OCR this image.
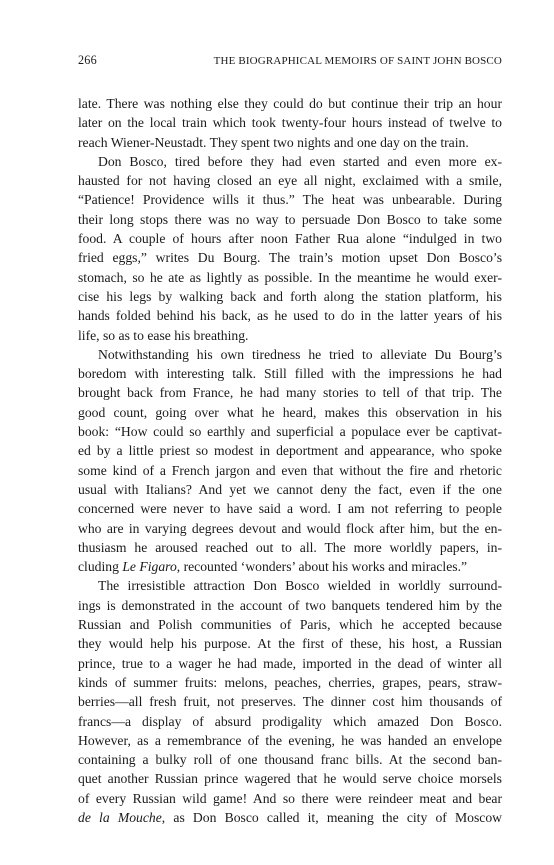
266	THE BIOGRAPHICAL MEMOIRS OF SAINT JOHN BOSCO

late. There was nothing else they could do but continue their trip an hour
later on the local train which took twenty-four hours instead of twelve to
reach Wiener-Neustadt. They spent two nights and one day on the train.

Don Bosco, tired before they had even started and even more ex-
hausted for not having closed an eye all night, exclaimed with a smile,
“Patience! Providence wills it thus.” The heat was unbearable. During
their long stops there was no way to persuade Don Bosco to take some
food. A couple of hours after noon Father Rua alone “indulged in two
fried eggs,” writes Du Bourg. The train’s motion upset Don Bosco’s
stomach, so he ate as lightly as possible. In the meantime he would exer-
cise his legs by walking back and forth along the station platform, his
hands folded behind his back, as he used to do in the latter years of his
life, so as to ease his breathing.

Notwithstanding his own tiredness he tried to alleviate Du Bourg’s
boredom with interesting talk. Still filled with the impressions he had
brought back from France, he had many stories to tell of that trip. The
good count, going over what he heard, makes this observation in his
book: “How could so earthly and superficial a populace ever be captivat-
ed by a little priest so modest in deportment and appearance, who spoke
some kind of a French jargon and even that without the fire and rhetoric
usual with Italians? And yet we cannot deny the fact, even if the one
concerned were never to have said a word. I am not referring to people
who are in varying degrees devout and would flock after him, but the en-
thusiasm he aroused reached out to all. The more worldly papers, in-
cluding Le Figaro, recounted ‘wonders’ about his works and miracles.”

The irresistible attraction Don Bosco wielded in worldly surround-
ings is demonstrated in the account of two banquets tendered him by the
Russian and Polish communities of Paris, which he accepted because
they would help his purpose. At the first of these, his host, a Russian
prince, true to a wager he had made, imported in the dead of winter all
kinds of summer fruits: melons, peaches, cherries, grapes, pears, straw-
berries—all fresh fruit, not preserves. The dinner cost him thousands of
francs—a display of absurd prodigality which amazed Don Bosco.
However, as a remembrance of the evening, he was handed an envelope
containing a bulky roll of one thousand franc bills. At the second ban-
quet another Russian prince wagered that he would serve choice morsels
of every Russian wild game! And so there were reindeer meat and bear
de la Mouche, as Don Bosco called it, meaning the city of Moscow
